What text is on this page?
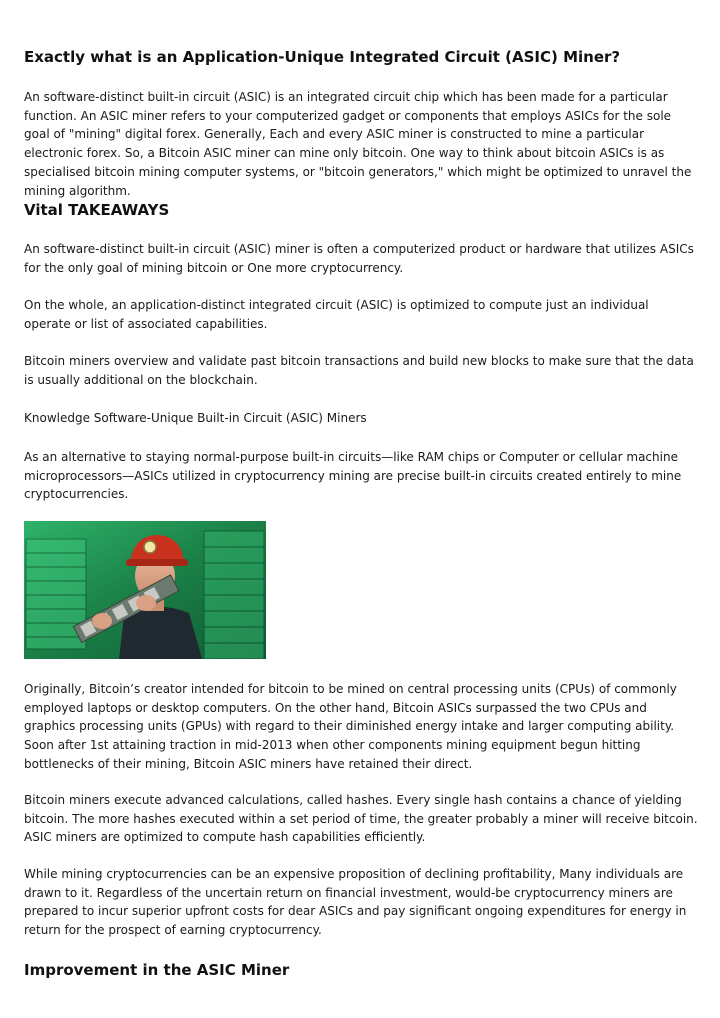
Exactly what is an Application-Unique Integrated Circuit (ASIC) Miner?

An software-distinct built-in circuit (ASIC) is an integrated circuit chip which has been made for a particular function. An ASIC miner refers to your computerized gadget or components that employs ASICs for the sole goal of "mining" digital forex. Generally, Each and every ASIC miner is constructed to mine a particular electronic forex. So, a Bitcoin ASIC miner can mine only bitcoin. One way to think about bitcoin ASICs is as specialised bitcoin mining computer systems, or "bitcoin generators," which might be optimized to unravel the mining algorithm.

Vital TAKEAWAYS

An software-distinct built-in circuit (ASIC) miner is often a computerized product or hardware that utilizes ASICs for the only goal of mining bitcoin or One more cryptocurrency.

On the whole, an application-distinct integrated circuit (ASIC) is optimized to compute just an individual operate or list of associated capabilities.

Bitcoin miners overview and validate past bitcoin transactions and build new blocks to make sure that the data is usually additional on the blockchain.

Knowledge Software-Unique Built-in Circuit (ASIC) Miners

As an alternative to staying normal-purpose built-in circuits—like RAM chips or Computer or cellular machine microprocessors—ASICs utilized in cryptocurrency mining are precise built-in circuits created entirely to mine cryptocurrencies.

Originally, Bitcoin’s creator intended for bitcoin to be mined on central processing units (CPUs) of commonly employed laptops or desktop computers. On the other hand, Bitcoin ASICs surpassed the two CPUs and graphics processing units (GPUs) with regard to their diminished energy intake and larger computing ability. Soon after 1st attaining traction in mid-2013 when other components mining equipment begun hitting bottlenecks of their mining, Bitcoin ASIC miners have retained their direct.

Bitcoin miners execute advanced calculations, called hashes. Every single hash contains a chance of yielding bitcoin. The more hashes executed within a set period of time, the greater probably a miner will receive bitcoin. ASIC miners are optimized to compute hash capabilities efficiently.

While mining cryptocurrencies can be an expensive proposition of declining profitability, Many individuals are drawn to it. Regardless of the uncertain return on financial investment, would-be cryptocurrency miners are prepared to incur superior upfront costs for dear ASICs and pay significant ongoing expenditures for energy in return for the prospect of earning cryptocurrency.

Improvement in the ASIC Miner
